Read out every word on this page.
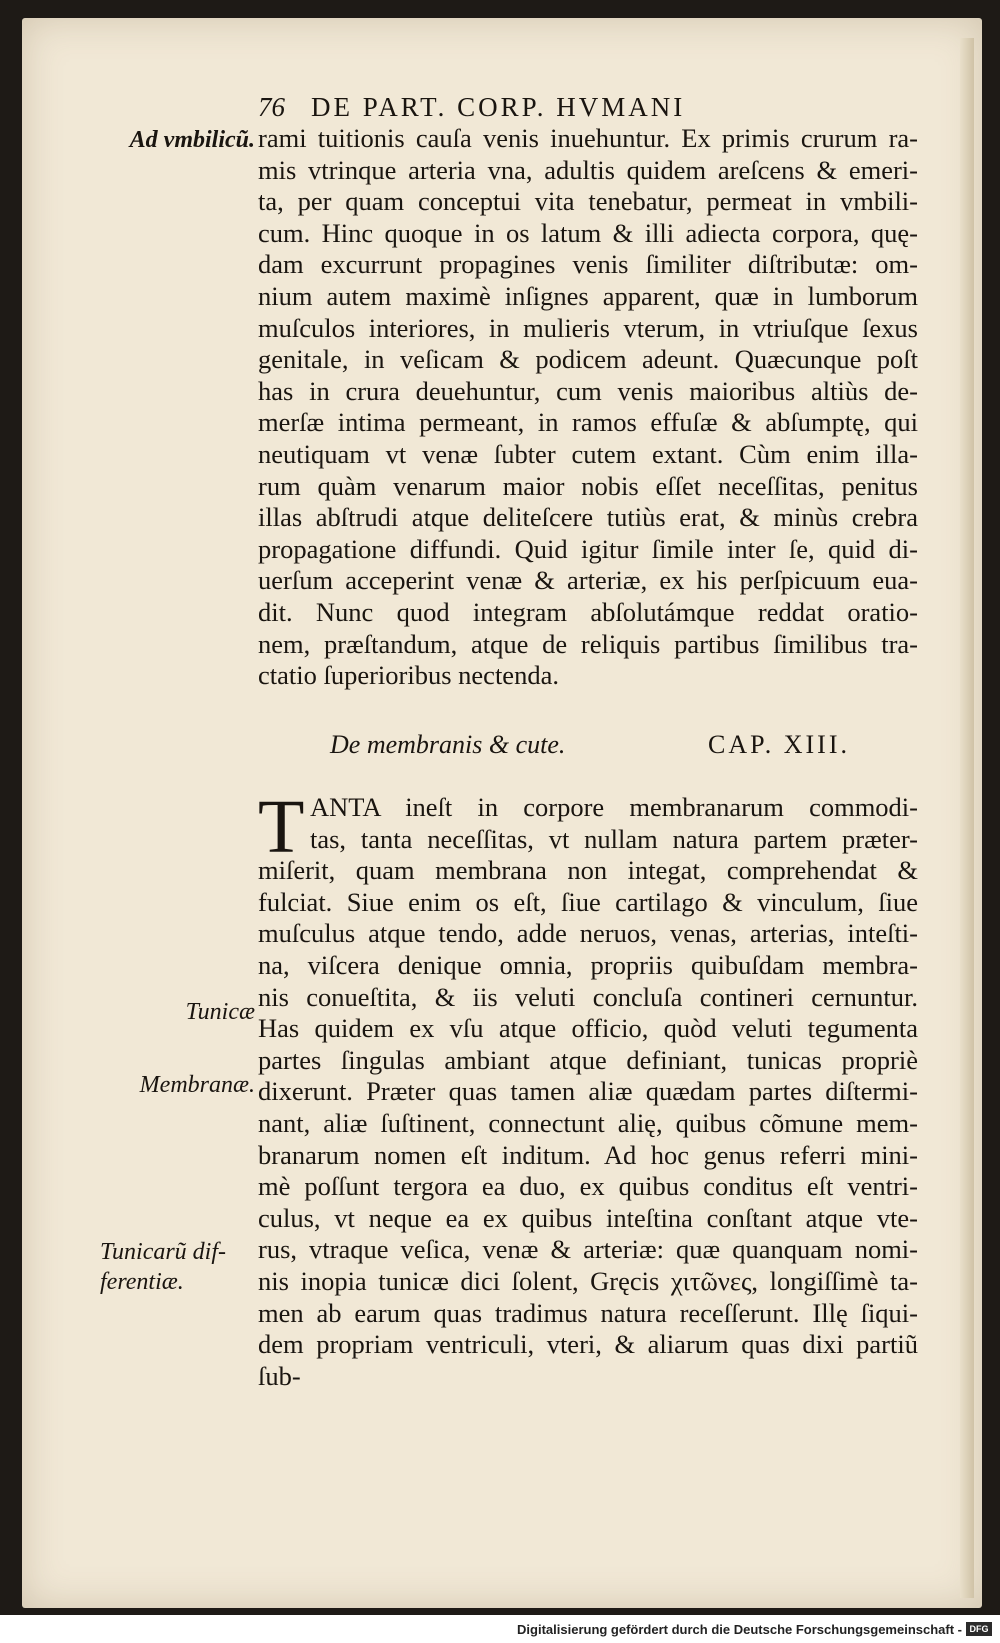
76 DE PART. CORP. HVMANI
Ad vmbilicũ.
Tunicæ
Membranæ.
Tunicarũ dif-
ferentiæ.
rami tuitionis cauſa venis inuehuntur. Ex primis crurum ra-
mis vtrinque arteria vna, adultis quidem areſcens & emeri-
ta, per quam conceptui vita tenebatur, permeat in vmbili-
cum. Hinc quoque in os latum & illi adiecta corpora, quę-
dam excurrunt propagines venis ſimiliter diſtributæ: om-
nium autem maximè inſignes apparent, quæ in lumborum
muſculos interiores, in mulieris vterum, in vtriuſque ſexus
genitale, in veſicam & podicem adeunt. Quæcunque poſt
has in crura deuehuntur, cum venis maioribus altiùs de-
merſæ intima permeant, in ramos effuſæ & abſumptę, qui
neutiquam vt venæ ſubter cutem extant. Cùm enim illa-
rum quàm venarum maior nobis eſſet neceſſitas, penitus
illas abſtrudi atque deliteſcere tutiùs erat, & minùs crebra
propagatione diffundi. Quid igitur ſimile inter ſe, quid di-
uerſum acceperint venæ & arteriæ, ex his perſpicuum eua-
dit. Nunc quod integram abſolutámque reddat oratio-
nem, præſtandum, atque de reliquis partibus ſimilibus tra-
ctatio ſuperioribus nectenda.
De membranis & cute.	CAP. XIII.
T ANTA ineſt in corpore membranarum commodi-
tas, tanta neceſſitas, vt nullam natura partem præter-
miſerit, quam membrana non integat, comprehendat &
fulciat. Siue enim os eſt, ſiue cartilago & vinculum, ſiue
muſculus atque tendo, adde neruos, venas, arterias, inteſti-
na, viſcera denique omnia, propriis quibuſdam membra-
nis conueſtita, & iis veluti concluſa contineri cernuntur.
Has quidem ex vſu atque officio, quòd veluti tegumenta
partes ſingulas ambiant atque definiant, tunicas propriè
dixerunt. Præter quas tamen aliæ quædam partes diſtermi-
nant, aliæ ſuſtinent, connectunt alię, quibus cõmune mem-
branarum nomen eſt inditum. Ad hoc genus referri mini-
mè poſſunt tergora ea duo, ex quibus conditus eſt ventri-
culus, vt neque ea ex quibus inteſtina conſtant atque vte-
rus, vtraque veſica, venæ & arteriæ: quæ quanquam nomi-
nis inopia tunicæ dici ſolent, Gręcis χιτῶνες, longiſſimè ta-
men ab earum quas tradimus natura receſſerunt. Illę ſiqui-
dem propriam ventriculi, vteri, & aliarum quas dixi partiũ
ſub-
Digitalisierung gefördert durch die Deutsche Forschungsgemeinschaft - DFG
